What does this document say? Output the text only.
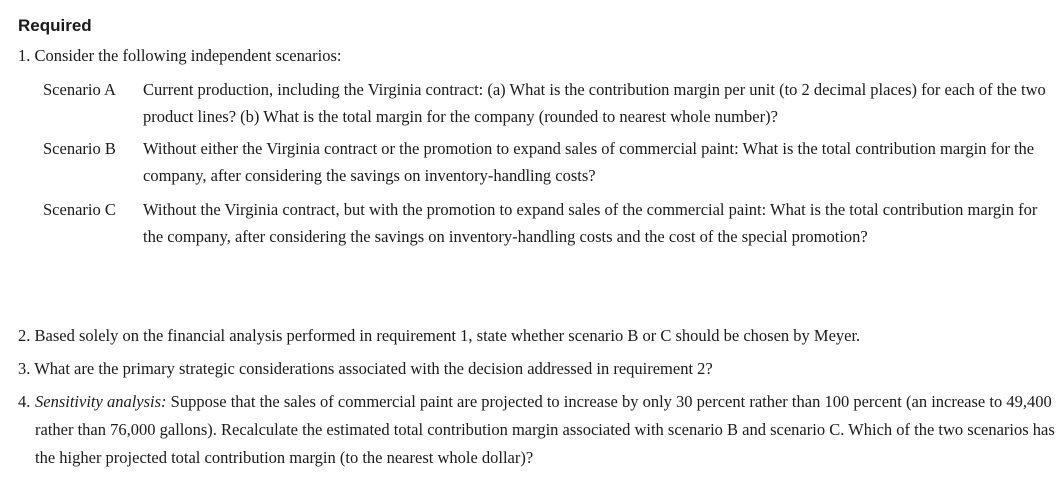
Required
1. Consider the following independent scenarios:
Scenario A Current production, including the Virginia contract: (a) What is the contribution margin per unit (to 2 decimal places) for each of the two product lines? (b) What is the total margin for the company (rounded to nearest whole number)?
Scenario B Without either the Virginia contract or the promotion to expand sales of commercial paint: What is the total contribution margin for the company, after considering the savings on inventory-handling costs?
Scenario C Without the Virginia contract, but with the promotion to expand sales of the commercial paint: What is the total contribution margin for the company, after considering the savings on inventory-handling costs and the cost of the special promotion?
2. Based solely on the financial analysis performed in requirement 1, state whether scenario B or C should be chosen by Meyer.
3. What are the primary strategic considerations associated with the decision addressed in requirement 2?
4. Sensitivity analysis: Suppose that the sales of commercial paint are projected to increase by only 30 percent rather than 100 percent (an increase to 49,400 rather than 76,000 gallons). Recalculate the estimated total contribution margin associated with scenario B and scenario C. Which of the two scenarios has the higher projected total contribution margin (to the nearest whole dollar)?
